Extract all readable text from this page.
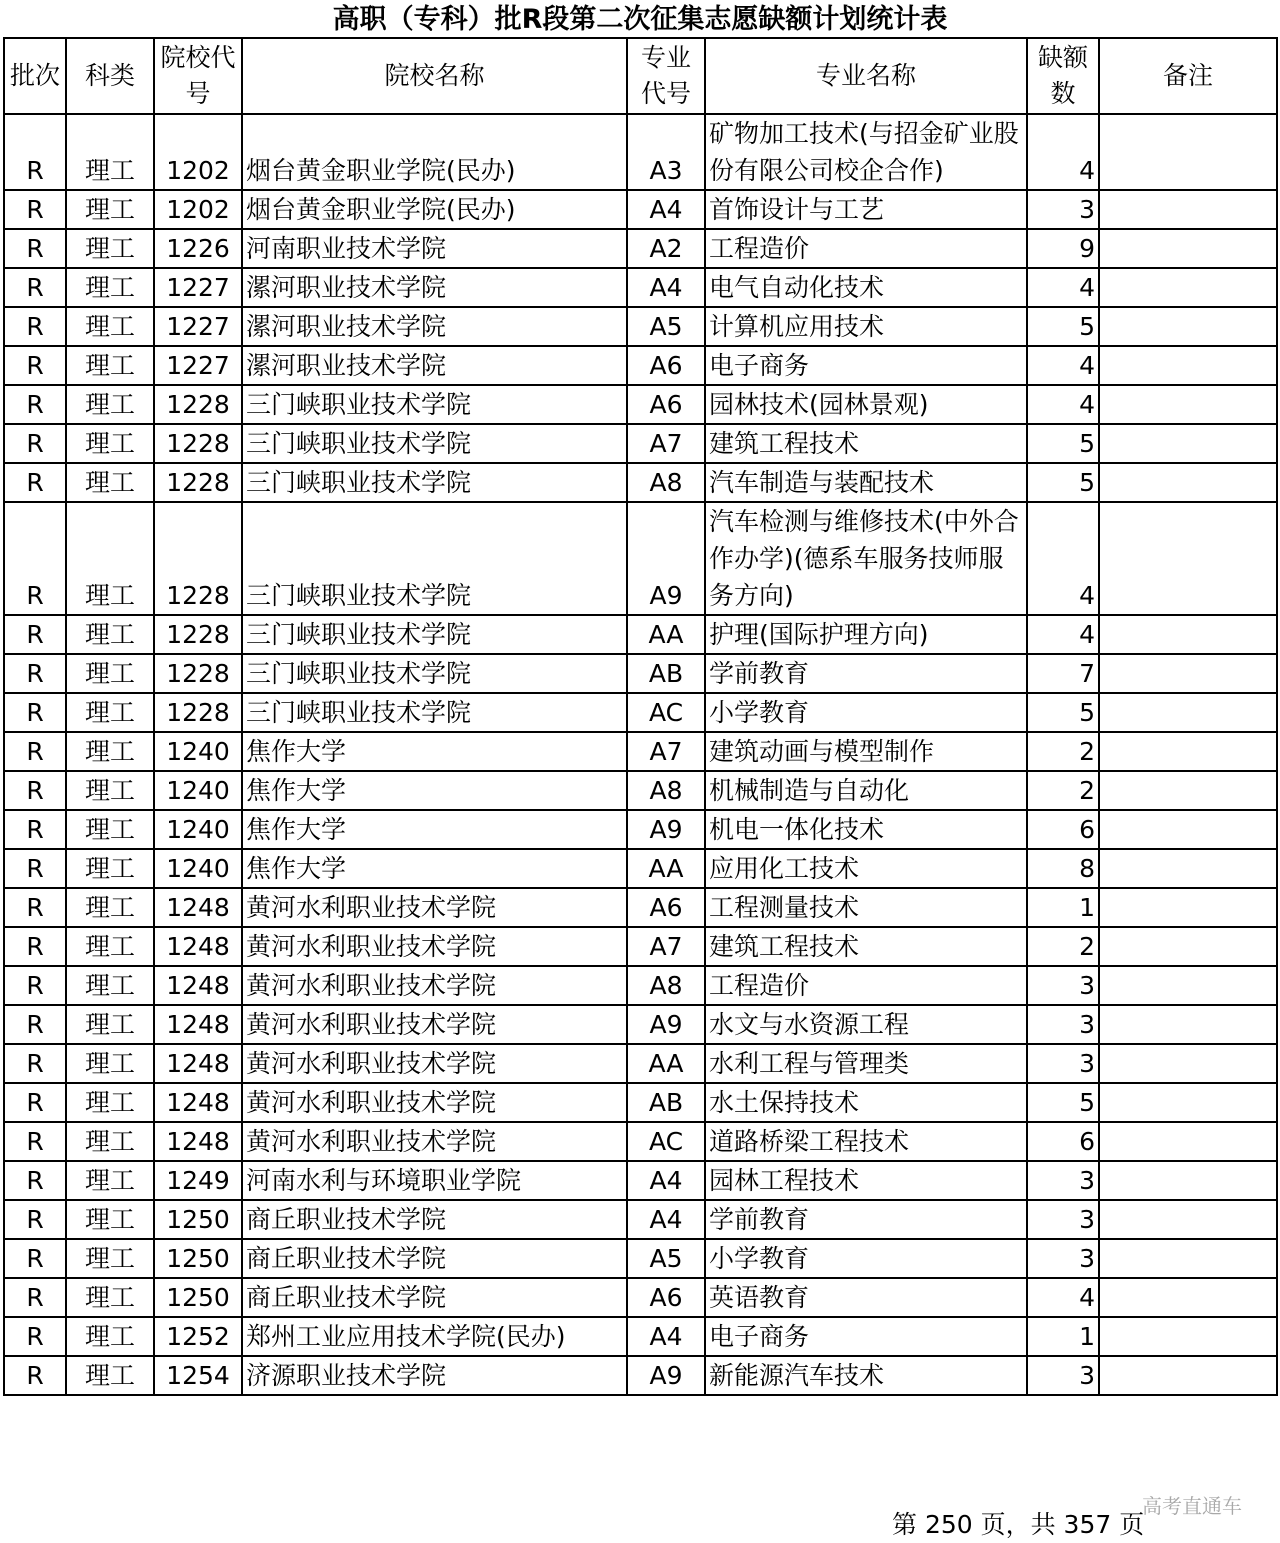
高职（专科）批R段第二次征集志愿缺额计划统计表
批次	科类	院校代号	院校名称	专业代号	专业名称	缺额数	备注
R	理工	1202	烟台黄金职业学院(民办)	A3	矿物加工技术(与招金矿业股份有限公司校企合作)	4	
R	理工	1202	烟台黄金职业学院(民办)	A4	首饰设计与工艺	3	
R	理工	1226	河南职业技术学院	A2	工程造价	9	
R	理工	1227	漯河职业技术学院	A4	电气自动化技术	4	
R	理工	1227	漯河职业技术学院	A5	计算机应用技术	5	
R	理工	1227	漯河职业技术学院	A6	电子商务	4	
R	理工	1228	三门峡职业技术学院	A6	园林技术(园林景观)	4	
R	理工	1228	三门峡职业技术学院	A7	建筑工程技术	5	
R	理工	1228	三门峡职业技术学院	A8	汽车制造与装配技术	5	
R	理工	1228	三门峡职业技术学院	A9	汽车检测与维修技术(中外合作办学)(德系车服务技师服务方向)	4	
R	理工	1228	三门峡职业技术学院	AA	护理(国际护理方向)	4	
R	理工	1228	三门峡职业技术学院	AB	学前教育	7	
R	理工	1228	三门峡职业技术学院	AC	小学教育	5	
R	理工	1240	焦作大学	A7	建筑动画与模型制作	2	
R	理工	1240	焦作大学	A8	机械制造与自动化	2	
R	理工	1240	焦作大学	A9	机电一体化技术	6	
R	理工	1240	焦作大学	AA	应用化工技术	8	
R	理工	1248	黄河水利职业技术学院	A6	工程测量技术	1	
R	理工	1248	黄河水利职业技术学院	A7	建筑工程技术	2	
R	理工	1248	黄河水利职业技术学院	A8	工程造价	3	
R	理工	1248	黄河水利职业技术学院	A9	水文与水资源工程	3	
R	理工	1248	黄河水利职业技术学院	AA	水利工程与管理类	3	
R	理工	1248	黄河水利职业技术学院	AB	水土保持技术	5	
R	理工	1248	黄河水利职业技术学院	AC	道路桥梁工程技术	6	
R	理工	1249	河南水利与环境职业学院	A4	园林工程技术	3	
R	理工	1250	商丘职业技术学院	A4	学前教育	3	
R	理工	1250	商丘职业技术学院	A5	小学教育	3	
R	理工	1250	商丘职业技术学院	A6	英语教育	4	
R	理工	1252	郑州工业应用技术学院(民办)	A4	电子商务	1	
R	理工	1254	济源职业技术学院	A9	新能源汽车技术	3	
高考直通车
第 250 页，共 357 页
